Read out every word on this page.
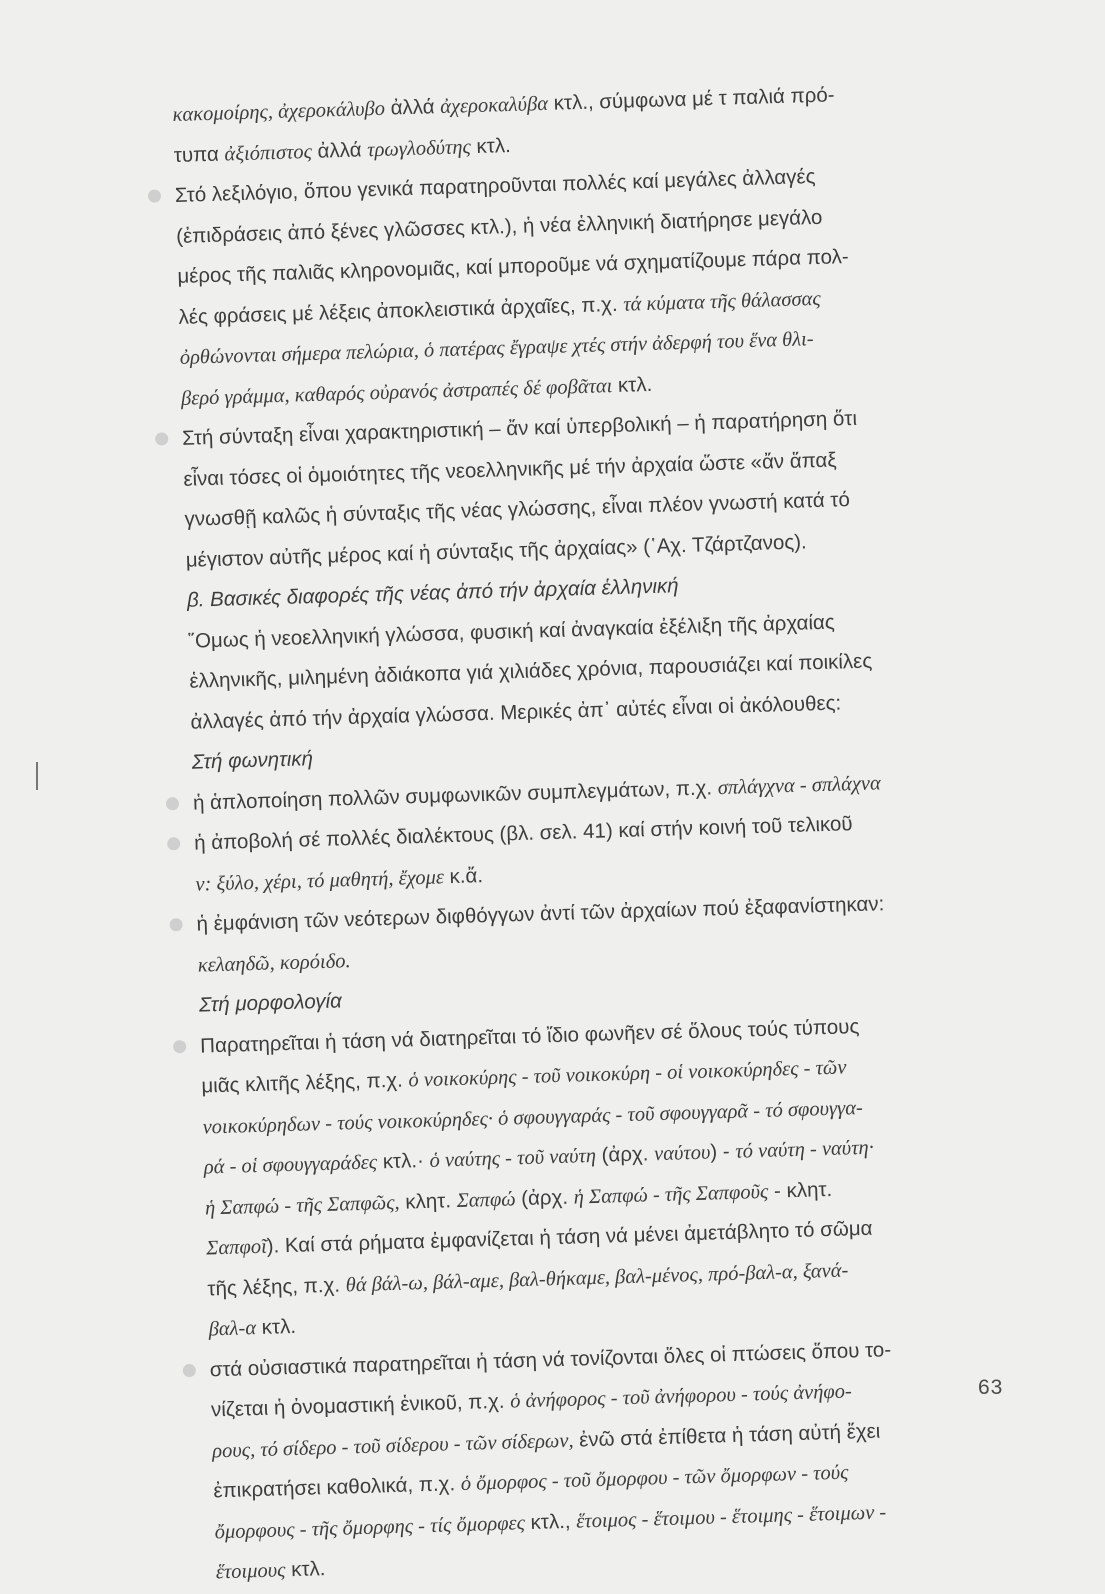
κακομοίρης, ἀχεροκάλυβο ἀλλά ἀχεροκαλύβα κτλ., σύμφωνα μέ τ παλιά πρό-
τυπα ἀξιόπιστος ἀλλά τρωγλοδύτης κτλ.
Στό λεξιλόγιο, ὅπου γενικά παρατηροῦνται πολλές καί μεγάλες ἀλλαγές
(ἐπιδράσεις ἀπό ξένες γλῶσσες κτλ.), ἡ νέα ἑλληνική διατήρησε μεγάλο
μέρος τῆς παλιᾶς κληρονομιᾶς, καί μποροῦμε νά σχηματίζουμε πάρα πολ-
λές φράσεις μέ λέξεις ἀποκλειστικά ἀρχαῖες, π.χ. τά κύματα τῆς θάλασσας
ὀρθώνονται σήμερα πελώρια, ὁ πατέρας ἔγραψε χτές στήν ἀδερφή του ἕνα θλι-
βερό γράμμα, καθαρός οὐρανός ἀστραπές δέ φοβᾶται κτλ.
Στή σύνταξη εἶναι χαρακτηριστική – ἄν καί ὑπερβολική – ἡ παρατήρηση ὅτι
εἶναι τόσες οἱ ὁμοιότητες τῆς νεοελληνικῆς μέ τήν ἀρχαία ὥστε «ἄν ἅπαξ
γνωσθῇ καλῶς ἡ σύνταξις τῆς νέας γλώσσης, εἶναι πλέον γνωστή κατά τό
μέγιστον αὐτῆς μέρος καί ἡ σύνταξις τῆς ἀρχαίας» (῾Αχ. Τζάρτζανος).
β. Βασικές διαφορές τῆς νέας ἀπό τήν ἀρχαία ἑλληνική
῞Ομως ἡ νεοελληνική γλώσσα, φυσική καί ἀναγκαία ἐξέλιξη τῆς ἀρχαίας
ἑλληνικῆς, μιλημένη ἀδιάκοπα γιά χιλιάδες χρόνια, παρουσιάζει καί ποικίλες
ἀλλαγές ἀπό τήν ἀρχαία γλώσσα. Μερικές ἀπ᾿ αὐτές εἶναι οἱ ἀκόλουθες:
Στή φωνητική
ἡ ἁπλοποίηση πολλῶν συμφωνικῶν συμπλεγμάτων, π.χ. σπλάγχνα - σπλάχνα
ἡ ἀποβολή σέ πολλές διαλέκτους (βλ. σελ. 41) καί στήν κοινή τοῦ τελικοῦ
ν: ξύλο, χέρι, τό μαθητή, ἔχομε κ.ἄ.
ἡ ἐμφάνιση τῶν νεότερων διφθόγγων ἀντί τῶν ἀρχαίων πού ἐξαφανίστηκαν:
κελαηδῶ, κορόιδο.
Στή μορφολογία
Παρατηρεῖται ἡ τάση νά διατηρεῖται τό ἴδιο φωνῆεν σέ ὅλους τούς τύπους
μιᾶς κλιτῆς λέξης, π.χ. ὁ νοικοκύρης - τοῦ νοικοκύρη - οἱ νοικοκύρηδες - τῶν
νοικοκύρηδων - τούς νοικοκύρηδες· ὁ σφουγγαράς - τοῦ σφουγγαρᾶ - τό σφουγγα-
ρά - οἱ σφουγγαράδες κτλ.· ὁ ναύτης - τοῦ ναύτη (ἀρχ. ναύτου) - τό ναύτη - ναύτη·
ἡ Σαπφώ - τῆς Σαπφῶς, κλητ. Σαπφώ (ἀρχ. ἡ Σαπφώ - τῆς Σαπφοῦς - κλητ.
Σαπφοῖ). Καί στά ρήματα ἐμφανίζεται ἡ τάση νά μένει ἀμετάβλητο τό σῶμα
τῆς λέξης, π.χ. θά βάλ-ω, βάλ-αμε, βαλ-θήκαμε, βαλ-μένος, πρό-βαλ-α, ξανά-
βαλ-α κτλ.
στά οὐσιαστικά παρατηρεῖται ἡ τάση νά τονίζονται ὅλες οἱ πτώσεις ὅπου το-
νίζεται ἡ ὀνομαστική ἑνικοῦ, π.χ. ὁ ἀνήφορος - τοῦ ἀνήφορου - τούς ἀνήφο-
ρους, τό σίδερο - τοῦ σίδερου - τῶν σίδερων, ἐνῶ στά ἐπίθετα ἡ τάση αὐτή ἔχει
ἐπικρατήσει καθολικά, π.χ. ὁ ὄμορφος - τοῦ ὄμορφου - τῶν ὄμορφων - τούς
ὄμορφους - τῆς ὄμορφης - τίς ὄμορφες κτλ., ἕτοιμος - ἕτοιμου - ἕτοιμης - ἕτοιμων -
ἕτοιμους κτλ.
63
